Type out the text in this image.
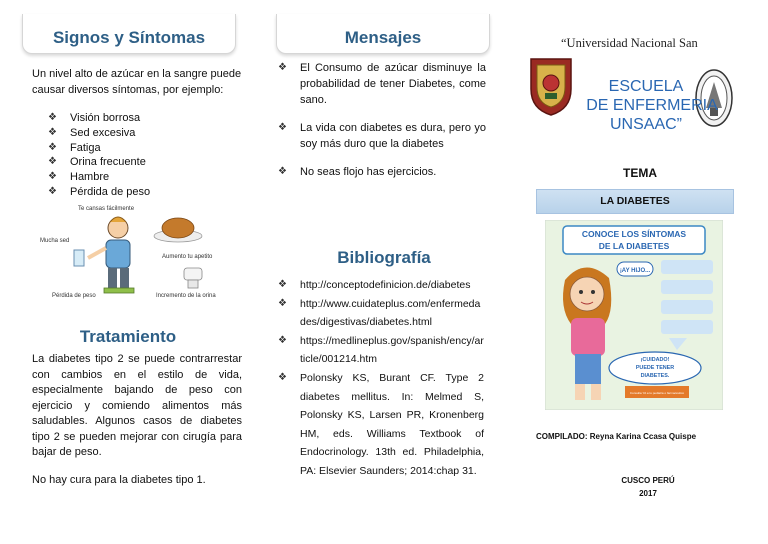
Signos y Síntomas
Un nivel alto de azúcar en la sangre puede causar diversos síntomas, por ejemplo:
❖ Visión borrosa
❖ Sed excesiva
❖ Fatiga
❖ Orina frecuente
❖ Hambre
❖ Pérdida de peso
Te cansas fácilmente
Mucha sed
Aumento tu apetito
Pérdida de peso	Incremento de la orina
Tratamiento
La diabetes tipo 2 se puede contrarrestar con cambios en el estilo de vida, especialmente bajando de peso con ejercicio y comiendo alimentos más saludables. Algunos casos de diabetes tipo 2 se pueden mejorar con cirugía para bajar de peso.
No hay cura para la diabetes tipo 1.
Mensajes
❖ El Consumo de azúcar disminuye la probabilidad de tener Diabetes, come sano.
❖ La vida con diabetes es dura, pero yo soy más duro que la diabetes
❖ No seas flojo has ejercicios.
Bibliografía
❖ http://conceptodefinicion.de/diabetes
❖ http://www.cuidateplus.com/enfermedades/digestivas/diabetes.html
❖ https://medlineplus.gov/spanish/ency/article/001214.htm
❖ Polonsky KS, Burant CF. Type 2 diabetes mellitus. In: Melmed S, Polonsky KS, Larsen PR, Kronenberg HM, eds. Williams Textbook of Endocrinology. 13th ed. Philadelphia, PA: Elsevier Saunders; 2014:chap 31.
“Universidad Nacional San
ESCUELA
DE ENFERMERIA
UNSAAC”
TEMA
LA DIABETES
CONOCE LOS SÍNTOMAS
DE LA DIABETES
¡AY HIJO...
¡CUIDADO!
PUEDE TENER
DIABETES.
Consulta YA a tu pediatra o farmacéutico
COMPILADO: Reyna Karina Ccasa Quispe
CUSCO PERÚ
2017
